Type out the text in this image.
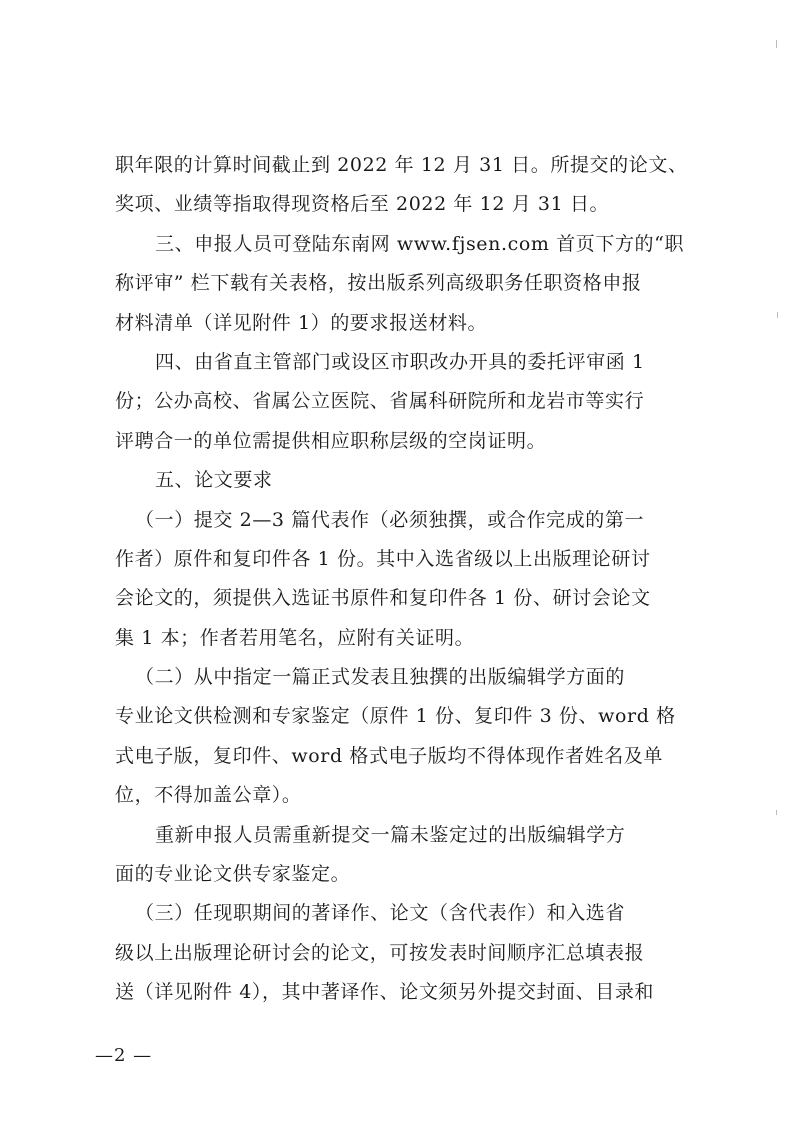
职年限的计算时间截止到 2022 年 12 月 31 日。所提交的论文、
奖项、业绩等指取得现资格后至 2022 年 12 月 31 日。
三、申报人员可登陆东南网 www.fjsen.com 首页下方的“职
称评审” 栏下载有关表格，按出版系列高级职务任职资格申报
材料清单（详见附件 1）的要求报送材料。
四、由省直主管部门或设区市职改办开具的委托评审函 1
份；公办高校、省属公立医院、省属科研院所和龙岩市等实行
评聘合一的单位需提供相应职称层级的空岗证明。
五、论文要求
（一）提交 2—3 篇代表作（必须独撰，或合作完成的第一
作者）原件和复印件各 1 份。其中入选省级以上出版理论研讨
会论文的，须提供入选证书原件和复印件各 1 份、研讨会论文
集 1 本；作者若用笔名，应附有关证明。
（二）从中指定一篇正式发表且独撰的出版编辑学方面的
专业论文供检测和专家鉴定（原件 1 份、复印件 3 份、word 格
式电子版，复印件、word 格式电子版均不得体现作者姓名及单
位，不得加盖公章）。
重新申报人员需重新提交一篇未鉴定过的出版编辑学方
面的专业论文供专家鉴定。
（三）任现职期间的著译作、论文（含代表作）和入选省
级以上出版理论研讨会的论文，可按发表时间顺序汇总填表报
送（详见附件 4），其中著译作、论文须另外提交封面、目录和
—2 —
